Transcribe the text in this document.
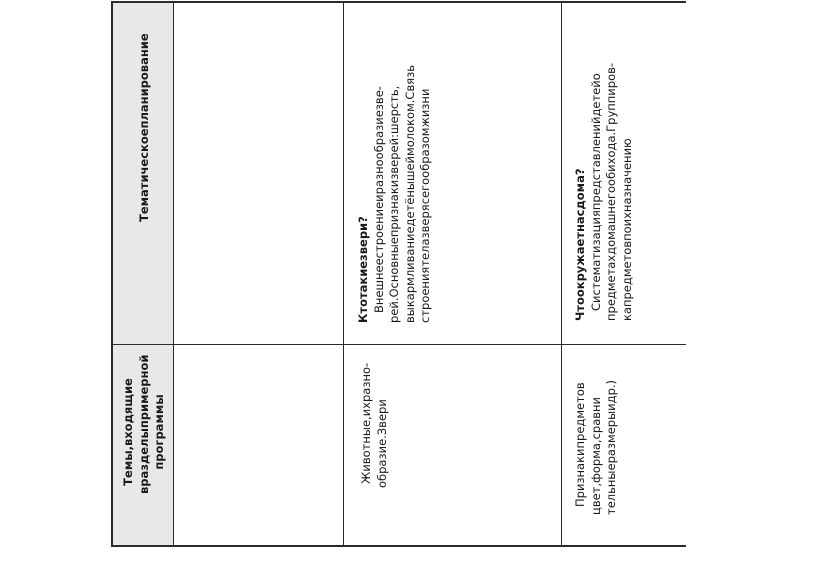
Темы,входящие вразделыпримерной программы
Тематическоепланирование
Животные,ихразно- образие.Звери
Ктотакиезвери? Внешнеестроениеиразнообразиезве- рей.Основныепризнакизверей:шерсть, выкармливаниедетёнышеймолоком.Связь строениятелазверясегообразомжизни
Признакипредметов цвет,форма,сравни тельныеразмерыидр.)
Чтоокружаетнасдома? Систематизацияпредставленийдетейо предметахдомашнегообихода.Группиров- капредметовпоихназначению
